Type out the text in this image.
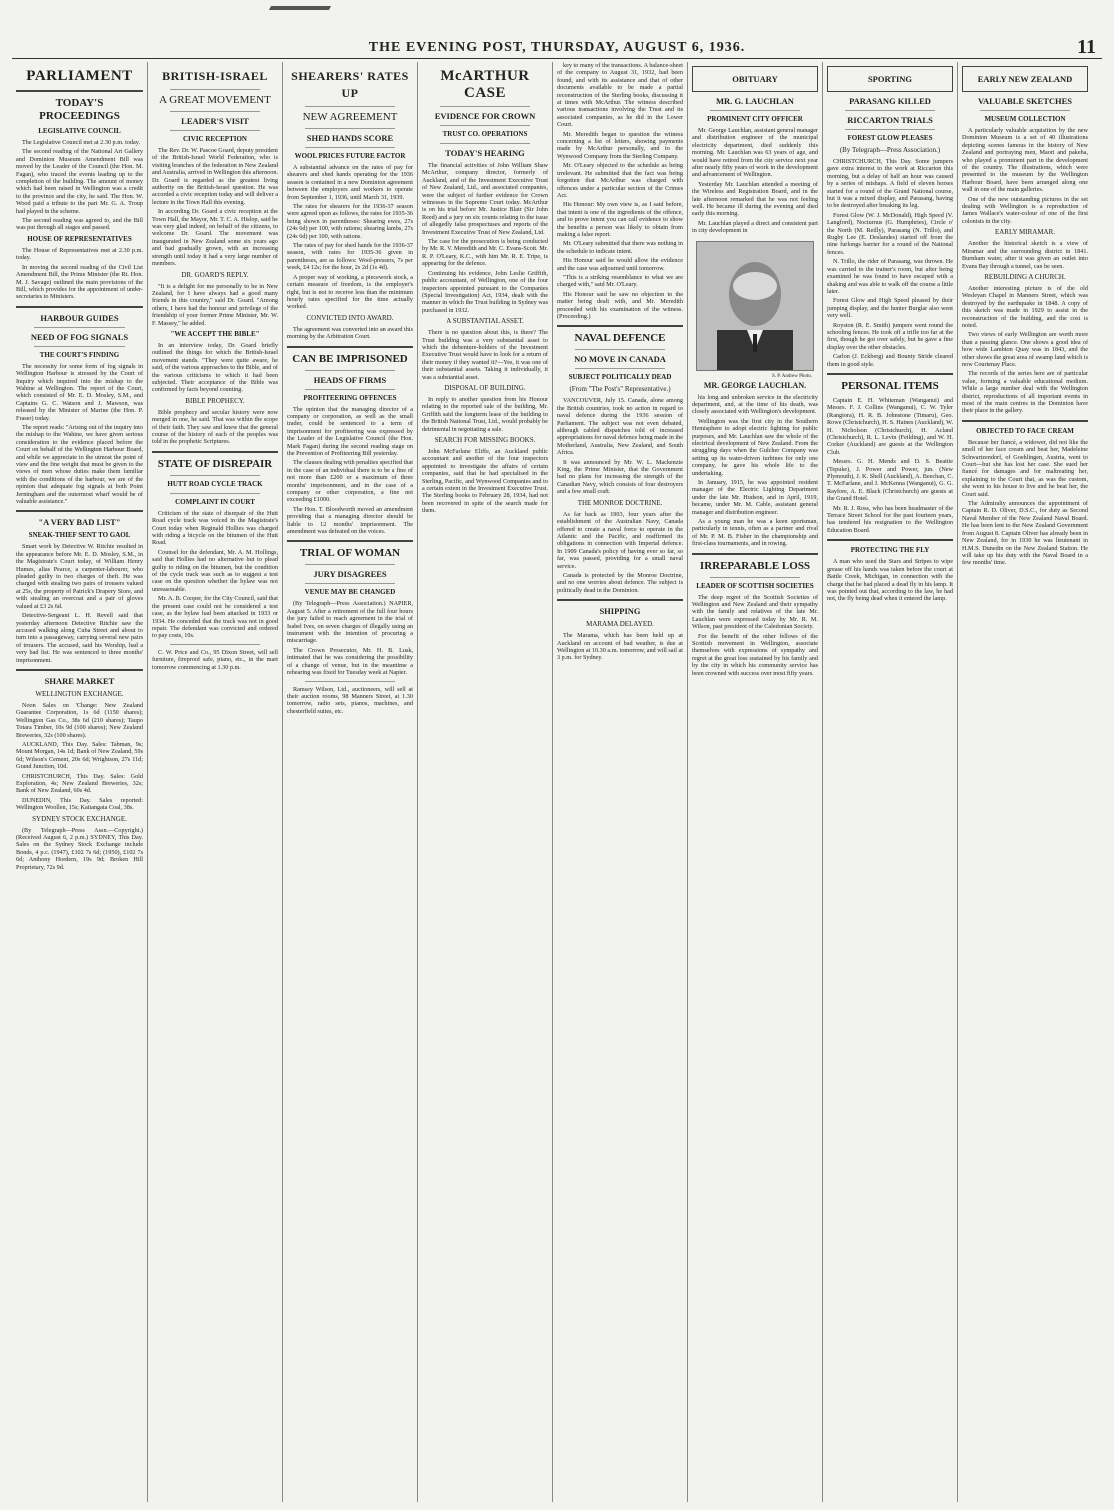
THE EVENING POST, THURSDAY, AUGUST 6, 1936.	11
PARLIAMENT
TODAY'S PROCEEDINGS
LEGISLATIVE COUNCIL

The Legislative Council met at 2.30 p.m. today.

The second reading of the National Art Gallery and Dominion Museum Amendment Bill was moved by the Leader of the Council (the Hon. M. Fagan), who traced the events leading up to the completion of the building. The amount of money which had been raised in Wellington was a credit to the province and the city, he said. The Hon. W. Wood paid a tribute to the part Mr. G. A. Troup had played in the scheme.

The second reading was agreed to, and the Bill was put through all stages and passed.

HOUSE OF REPRESENTATIVES

The House of Representatives met at 2.30 p.m. today.

In moving the second reading of the Civil List Amendment Bill, the Prime Minister (the Rt. Hon. M. J. Savage) outlined the main provisions of the Bill, which provides for the appointment of under-secretaries to Ministers.

HARBOUR GUIDES
NEED OF FOG SIGNALS
THE COURT'S FINDING

The necessity for some form of fog signals in Wellington Harbour is stressed by the Court of Inquiry which inquired into the mishap to the Wahine at Wellington. The report of the Court, which consisted of Mr. E. D. Mosley, S.M., and Captains G. C. Watson and J. Mawson, was released by the Minister of Marine (the Hon. P. Fraser) today.

The report reads: "Arising out of the inquiry into the mishap to the Wahine, we have given serious consideration to the evidence placed before the Court on behalf of the Wellington Harbour Board, and while we appreciate to the utmost the point of view and the fine weight that must be given to the views of men whose duties make them familiar with the conditions of the harbour, we are of the opinion that adequate fog signals at both Point Jerningham and the outermost wharf would be of valuable assistance."

"A VERY BAD LIST"
SNEAK-THIEF SENT TO GAOL

Smart work by Detective W. Ritchie resulted in the appearance before Mr. E. D. Mosley, S.M., in the Magistrate's Court today, of William Henry Humes, alias Pearce, a carpenter-labourer, who pleaded guilty to two charges of theft. He was charged with stealing two pairs of trousers valued at 25s, the property of Patrick's Drapery Store, and with stealing an overcoat and a pair of gloves valued at £3 2s 6d.

Detective-Sergeant L. H. Revell said that yesterday afternoon Detective Ritchie saw the accused walking along Cuba Street and about to turn into a passageway, carrying several new pairs of trousers. The accused, said his Worship, had a very bad list. He was sentenced to three months' imprisonment.

SHARE MARKET
WELLINGTON EXCHANGE.

Noon Sales on 'Change: New Zealand Guarantee Corporation, 1s 6d (1150 shares); Wellington Gas Co., 38s 6d (210 shares); Taupo Totara Timber, 10s 9d (100 shares); New Zealand Breweries, 32s (100 shares).

AUCKLAND, This Day. Sales: Tabman, 9s; Mount Morgan, 14s 1d; Bank of New Zealand, 59s 6d; Wilson's Cement, 20s 6d; Wrightson, 27s 11d; Grand Junction, 10d.

CHRISTCHURCH, This Day. Sales: Gold Exploration, 4s; New Zealand Breweries, 32s; Bank of New Zealand, 60s 4d.

DUNEDIN, This Day. Sales reported: Wellington Woollen, 15s; Kaitangata Coal, 38s.

SYDNEY STOCK EXCHANGE.

(By Telegraph—Press Assn.—Copyright.) (Received August 6, 2 p.m.) SYDNEY, This Day. Sales on the Sydney Stock Exchange include Bonds, 4 p.c. (1947), £102 7s 6d; (1950), £102 7s 6d; Anthony Hordern, 19s 9d; Broken Hill Proprietary, 72s 9d.

BRITISH-ISRAEL
A GREAT MOVEMENT
LEADER'S VISIT
CIVIC RECEPTION

The Rev. Dr. W. Pascoe Goard, deputy president of the British-Israel World Federation, who is visiting branches of the federation in New Zealand and Australia, arrived in Wellington this afternoon. Dr. Goard is regarded as the greatest living authority on the British-Israel question. He was accorded a civic reception today and will deliver a lecture in the Town Hall this evening.

In according Dr. Goard a civic reception at the Town Hall, the Mayor, Mr. T. C. A. Hislop, said he was very glad indeed, on behalf of the citizens, to welcome Dr. Goard. The movement was inaugurated in New Zealand some six years ago and had gradually grown, with an increasing strength until today it had a very large number of members.

DR. GOARD'S REPLY.

"It is a delight for me personally to be in New Zealand, for I have always had a good many friends in this country," said Dr. Goard. "Among others, I have had the honour and privilege of the friendship of your former Prime Minister, Mr. W. F. Massey," he added.

"WE ACCEPT THE BIBLE"

In an interview today, Dr. Goard briefly outlined the things for which the British-Israel movement stands. "They were quite aware, he said, of the various approaches to the Bible, and of the various criticisms to which it had been subjected. Their acceptance of the Bible was confirmed by facts beyond counting.

BIBLE PROPHECY.

Bible prophecy and secular history were now merged in one, he said. That was within the scope of their faith. They saw and knew that the general course of the history of each of the peoples was told in the prophetic Scriptures.

STATE OF DISREPAIR
HUTT ROAD CYCLE TRACK
COMPLAINT IN COURT

Criticism of the state of disrepair of the Hutt Road cycle track was voiced in the Magistrate's Court today when Reginald Hollies was charged with riding a bicycle on the bitumen of the Hutt Road.

Counsel for the defendant, Mr. A. M. Hollings, said that Hollies had no alternative but to plead guilty to riding on the bitumen, but the condition of the cycle track was such as to suggest a test case on the question whether the bylaw was not unreasonable.

Mr. A. B. Cooper, for the City Council, said that the present case could not be considered a test case, as the bylaw had been attacked in 1933 or 1934. He conceded that the track was not in good repair. The defendant was convicted and ordered to pay costs, 10s.

C. W. Price and Co., 95 Dixon Street, will sell furniture, fireproof safe, piano, etc., in the mart tomorrow commencing at 1.30 p.m.

SHEARERS' RATES UP
NEW AGREEMENT
SHED HANDS SCORE
WOOL PRICES FUTURE FACTOR

A substantial advance on the rates of pay for shearers and shed hands operating for the 1936 season is contained in a new Dominion agreement between the employers and workers to operate from September 1, 1936, until March 31, 1939.

The rates for shearers for the 1936-37 season were agreed upon as follows, the rates for 1935-36 being shown in parentheses: Shearing ewes, 27s (24s 6d) per 100, with rations; shearing lambs, 27s (24s 6d) per 100, with rations.

The rates of pay for shed hands for the 1936-37 season, with rates for 1935-36 given in parentheses, are as follows: Wool-pressers, 7s per week, £4 12s; for the hour, 2s 2d (1s 4d).

A proper way of working, a piecework stock, a certain measure of freedom, is the employer's right, but is not to receive less than the minimum hourly rates specified for the time actually worked.

CONVICTED INTO AWARD.

The agreement was converted into an award this morning by the Arbitration Court.

CAN BE IMPRISONED
HEADS OF FIRMS
PROFITEERING OFFENCES

The opinion that the managing director of a company or corporation, as well as the small trader, could be sentenced to a term of imprisonment for profiteering was expressed by the Leader of the Legislative Council (the Hon. Mark Fagan) during the second reading stage on the Prevention of Profiteering Bill yesterday.

The clauses dealing with penalties specified that in the case of an individual there is to be a fine of not more than £200 or a maximum of three months' imprisonment, and in the case of a company or other corporation, a fine not exceeding £1000.

The Hon. T. Bloodworth moved an amendment providing that a managing director should be liable to 12 months' imprisonment. The amendment was defeated on the voices.

TRIAL OF WOMAN
JURY DISAGREES
VENUE MAY BE CHANGED

(By Telegraph—Press Association.) NAPIER, August 5. After a retirement of the full four hours the jury failed to reach agreement in the trial of Isabel Ives, on seven charges of illegally using an instrument with the intention of procuring a miscarriage.

The Crown Prosecutor, Mr. H. B. Lusk, intimated that he was considering the possibility of a change of venue, but in the meantime a rehearing was fixed for Tuesday week at Napier.

Ramsey Wilson, Ltd., auctioneers, will sell at their auction rooms, 98 Manners Street, at 1.30 tomorrow, radio sets, pianos, machines, and chesterfield suites, etc.

McARTHUR CASE
EVIDENCE FOR CROWN
TRUST CO. OPERATIONS
TODAY'S HEARING

The financial activities of John William Shaw McArthur, company director, formerly of Auckland, and of the Investment Executive Trust of New Zealand, Ltd., and associated companies, were the subject of further evidence for Crown witnesses in the Supreme Court today. McArthur is on his trial before Mr. Justice Blair (Sir John Reed) and a jury on six counts relating to the issue of allegedly false prospectuses and reports of the Investment Executive Trust of New Zealand, Ltd.

The case for the prosecution is being conducted by Mr. R. V. Meredith and Mr. C. Evans-Scott. Mr. R. P. O'Leary, K.C., with him Mr. R. E. Tripe, is appearing for the defence.

Continuing his evidence, John Leslie Griffith, public accountant, of Wellington, one of the four inspectors appointed pursuant to the Companies (Special Investigation) Act, 1934, dealt with the manner in which the Trust building in Sydney was purchased in 1932.

A SUBSTANTIAL ASSET.

There is no question about this, is there? The Trust building was a very substantial asset to which the debenture-holders of the Investment Executive Trust would have to look for a return of their money if they wanted it?—Yes, it was one of their substantial assets. Taking it individually, it was a substantial asset.

DISPOSAL OF BUILDING.

In reply to another question from his Honour relating to the reported sale of the building, Mr. Griffith said the longterm lease of the building to the British National Trust, Ltd., would probably be detrimental in negotiating a sale.

SEARCH FOR MISSING BOOKS.

John McFarlane Eliffe, an Auckland public accountant and another of the four inspectors appointed to investigate the affairs of certain companies, said that he had specialised in the Sterling, Pacific, and Wynwood Companies and to a certain extent in the Investment Executive Trust. The Sterling books to February 28, 1934, had not been recovered in spite of the search made for them.

key to many of the transactions. A balance-sheet of the company to August 31, 1932, had been found, and with its assistance and that of other documents available to be made a partial reconstruction of the Sterling books, discussing it at times with McArthur. The witness described various transactions involving the Trust and its associated companies, as he did in the Lower Court.

Mr. Meredith began to question the witness concerning a list of letters, showing payments made by McArthur personally, and to the Wynwood Company from the Sterling Company.

Mr. O'Leary objected to the schedule as being irrelevant. He submitted that the fact was being forgotten that McArthur was charged with offences under a particular section of the Crimes Act.

His Honour: My own view is, as I said before, that intent is one of the ingredients of the offence, and to prove intent you can call evidence to show the benefits a person was likely to obtain from making a false report.

Mr. O'Leary submitted that there was nothing in the schedule to indicate intent.

His Honour said he would allow the evidence and the case was adjourned until tomorrow.

"This is a striking resemblance to what we are charged with," said Mr. O'Leary.

His Honour said he saw no objection to the matter being dealt with, and Mr. Meredith proceeded with his examination of the witness. (Proceeding.)

NAVAL DEFENCE
NO MOVE IN CANADA
SUBJECT POLITICALLY DEAD
(From "The Post's" Representative.)

VANCOUVER, July 15. Canada, alone among the British countries, took no action in regard to naval defence during the 1936 session of Parliament. The subject was not even debated, although cabled dispatches told of increased appropriations for naval defence being made in the Motherland, Australia, New Zealand, and South Africa.

It was announced by Mr. W. L. Mackenzie King, the Prime Minister, that the Government had no plans for increasing the strength of the Canadian Navy, which consists of four destroyers and a few small craft.

THE MONROE DOCTRINE.

As far back as 1903, four years after the establishment of the Australian Navy, Canada offered to create a naval force to operate in the Atlantic and the Pacific, and reaffirmed its obligations in connection with Imperial defence. In 1909 Canada's policy of having ever so far, so far, was passed, providing for a small naval service.

Canada is protected by the Monroe Doctrine, and no one worries about defence. The subject is politically dead in the Dominion.

SHIPPING
MARAMA DELAYED.

The Marama, which has been held up at Auckland on account of bad weather, is due at Wellington at 10.30 a.m. tomorrow, and will sail at 3 p.m. for Sydney.

OBITUARY
MR. G. LAUCHLAN
PROMINENT CITY OFFICER

Mr. George Lauchlan, assistant general manager and distribution engineer of the municipal electricity department, died suddenly this morning. Mr. Lauchlan was 63 years of age, and would have retired from the city service next year after nearly fifty years of work in the development and advancement of Wellington.

Yesterday Mr. Lauchlan attended a meeting of the Wireless and Registration Board, and in the late afternoon remarked that he was not feeling well. He became ill during the evening and died early this morning.

Mr. Lauchlan played a direct and consistent part in city development in

S. P. Andrew Photo.
MR. GEORGE LAUCHLAN.

his long and unbroken service in the electricity department, and, at the time of his death, was closely associated with Wellington's development.

Wellington was the first city in the Southern Hemisphere to adopt electric lighting for public purposes, and Mr. Lauchlan saw the whole of the electrical development of New Zealand. From the struggling days when the Gulcher Company was setting up its water-driven turbines for only one company, he gave his whole life to the undertaking.

In January, 1915, he was appointed resident manager of the Electric Lighting Department under the late Mr. Hudson, and in April, 1919, became, under Mr. M. Cable, assistant general manager and distribution engineer.

As a young man he was a keen sportsman, particularly in tennis, often as a partner and rival of Mr. P. M. B. Fisher in the championship and first-class tournaments, and in rowing.

IRREPARABLE LOSS
LEADER OF SCOTTISH SOCIETIES

The deep regret of the Scottish Societies of Wellington and New Zealand and their sympathy with the family and relatives of the late Mr. Lauchlan were expressed today by Mr. R. M. Wilson, past president of the Caledonian Society.

For the benefit of the other fellows of the Scottish movement in Wellington, associate themselves with expressions of sympathy and regret at the great loss sustained by his family and by the city in which his community service has been crowned with success over most fifty years.

SPORTING
PARASANG KILLED
RICCARTON TRIALS
FOREST GLOW PLEASES
(By Telegraph—Press Association.)

CHRISTCHURCH, This Day. Some jumpers gave extra interest to the work at Riccarton this morning, but a delay of half an hour was caused by a series of mishaps. A field of eleven horses started for a round of the Grand National course, but it was a mixed display, and Parasang, having to be destroyed after breaking its leg.

Forest Glow (W. J. McDonald), High Speed (V. Langford), Nocturnus (G. Humphries), Circle o' the North (M. Reilly), Parasang (N. Trillo), and Rugby Lee (E. Deslandes) started off from the nine furlongs barrier for a round of the National fences.

N. Trillo, the rider of Parasang, was thrown. He was carried to the trainer's room, but after being examined he was found to have escaped with a shaking and was able to walk off the course a little later.

Forest Glow and High Speed pleased by their jumping display, and the hunter Burglar also went very well.

Royston (R. E. Smith) jumpers went round the schooling fences. He took off a trifle too far at the first, though he got over safely, but he gave a fine display over the other obstacles.

Carlon (J. Eckberg) and Bounty Stride cleared them in good style.

PERSONAL ITEMS

Captain E. H. Whiteman (Wanganui) and Messrs. F. J. Collins (Wanganui), C. W. Tyler (Rangiora), H. R. B. Johnstone (Timaru), Geo. Rowe (Christchurch), H. S. Haines (Auckland), W. H. Nicholson (Christchurch), H. Acland (Christchurch), R. L. Levin (Feilding), and W. H. Corker (Auckland) are guests at the Wellington Club.

Messrs. G. H. Mends and D. S. Beattie (Tepuke), J. Power and Power, jun. (New Plymouth), J. K. Shell (Auckland), A. Beechan, C. T. McFarlane, and J. McKenna (Wanganui), G. G. Rayfore, A. E. Black (Christchurch) are guests at the Grand Hotel.

Mr. R. J. Ross, who has been headmaster of the Terrace Street School for the past fourteen years, has tendered his resignation to the Wellington Education Board.

PROTECTING THE FLY

A man who used the Stars and Stripes to wipe grease off his hands was taken before the court at Battle Creek, Michigan, in connection with the charge that he had placed a dead fly in his lamp. It was pointed out that, according to the law, he had not, the fly being dead when it entered the lamp.

EARLY NEW ZEALAND
VALUABLE SKETCHES
MUSEUM COLLECTION

A particularly valuable acquisition by the new Dominion Museum is a set of 40 illustrations depicting scenes famous in the history of New Zealand and portraying men, Maori and pakeha, who played a prominent part in the development of the country. The illustrations, which were presented to the museum by the Wellington Harbour Board, have been arranged along one wall in one of the main galleries.

One of the new outstanding pictures in the set dealing with Wellington is a reproduction of James Wallace's water-colour of one of the first colonists in the city.

EARLY MIRAMAR.

Another the historical sketch is a view of Miramar and the surrounding district in 1841. Burnham water, after it was given an outlet into Evans Bay through a tunnel, can be seen.

REBUILDING A CHURCH.

Another interesting picture is of the old Wesleyan Chapel in Manners Street, which was destroyed by the earthquake in 1848. A copy of this sketch was made in 1929 to assist in the reconstruction of the building, and the cost is noted.

Two views of early Wellington are worth more than a passing glance. One shows a good idea of how wide Lambton Quay was in 1843, and the other shows the great area of swamp land which is now Courtenay Place.

The records of the series here are of particular value, forming a valuable educational medium. While a large number deal with the Wellington district, reproductions of all important events in most of the main centres in the Dominion have their place in the gallery.

OBJECTED TO FACE CREAM

Because her fiancé, a widower, did not like the smell of her face cream and beat her, Madeleine Schwartzendorf, of Goehlingen, Austria, went to Court—but she has lost her case. She sued her fiancé for damages and for maltreating her, explaining to the Court that, as was the custom, she went to his house to live and he beat her, the Court said.

The Admiralty announces the appointment of Captain R. D. Oliver, D.S.C., for duty as Second Naval Member of the New Zealand Naval Board. He has been lent to the New Zealand Government from August 8. Captain Oliver has already been in New Zealand, for in 1930 he was lieutenant in H.M.S. Dunedin on the New Zealand Station. He will take up his duty with the Naval Board in a few months' time.
